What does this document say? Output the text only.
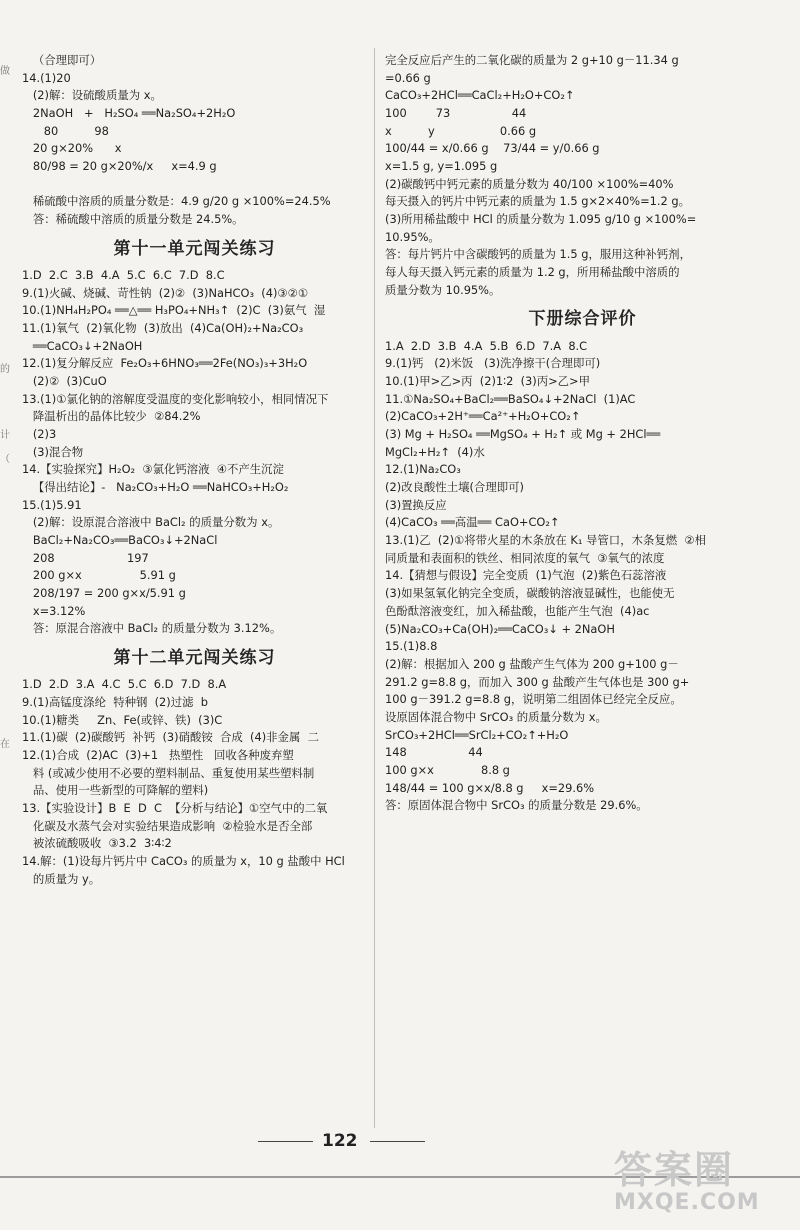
（合理即可）
14.(1)20
(2)解：设硫酸质量为 x。
2NaOH   +   H₂SO₄ ══Na₂SO₄+2H₂O
80          98
20 g×20%      x
80/98 = 20 g×20%/x     x=4.9 g
稀硫酸中溶质的质量分数是：4.9 g/20 g ×100%=24.5%
答：稀硫酸中溶质的质量分数是 24.5%。
第十一单元闯关练习
1.D  2.C  3.B  4.A  5.C  6.C  7.D  8.C
9.(1)火碱、烧碱、苛性钠  (2)②  (3)NaHCO₃  (4)③②①
10.(1)NH₄H₂PO₄ ══△══ H₃PO₄+NH₃↑  (2)C  (3)氨气  湿
11.(1)氧气  (2)氧化物  (3)放出  (4)Ca(OH)₂+Na₂CO₃
══CaCO₃↓+2NaOH
12.(1)复分解反应  Fe₂O₃+6HNO₃══2Fe(NO₃)₃+3H₂O
(2)②  (3)CuO
13.(1)①氯化钠的溶解度受温度的变化影响较小，相同情况下
降温析出的晶体比较少  ②84.2%
(2)3
(3)混合物
14.【实验探究】H₂O₂  ③氯化钙溶液  ④不产生沉淀
【得出结论】-   Na₂CO₃+H₂O ══NaHCO₃+H₂O₂
15.(1)5.91
(2)解：设原混合溶液中 BaCl₂ 的质量分数为 x。
BaCl₂+Na₂CO₃══BaCO₃↓+2NaCl
208                    197
200 g×x                5.91 g
208/197 = 200 g×x/5.91 g
x=3.12%
答：原混合溶液中 BaCl₂ 的质量分数为 3.12%。
第十二单元闯关练习
1.D  2.D  3.A  4.C  5.C  6.D  7.D  8.A
9.(1)高锰度涤纶  特种钢  (2)过滤  b
10.(1)糖类     Zn、Fe(或锌、铁)  (3)C
11.(1)碳  (2)碳酸钙  补钙  (3)硝酸铵  合成  (4)非金属  二
12.(1)合成  (2)AC  (3)+1   热塑性   回收各种废弃塑
料 (或减少使用不必要的塑料制品、重复使用某些塑料制
品、使用一些新型的可降解的塑料)
13.【实验设计】B  E  D  C  【分析与结论】①空气中的二氧
化碳及水蒸气会对实验结果造成影响  ②检验水是否全部
被浓硫酸吸收  ③3.2  3∶4∶2
14.解：(1)设每片钙片中 CaCO₃ 的质量为 x，10 g 盐酸中 HCl
的质量为 y。
完全反应后产生的二氧化碳的质量为 2 g+10 g－11.34 g
=0.66 g
CaCO₃+2HCl══CaCl₂+H₂O+CO₂↑
100        73                 44
x          y                  0.66 g
100/44 = x/0.66 g    73/44 = y/0.66 g
x=1.5 g, y=1.095 g
(2)碳酸钙中钙元素的质量分数为 40/100 ×100%=40%
每天摄入的钙片中钙元素的质量为 1.5 g×2×40%=1.2 g。
(3)所用稀盐酸中 HCl 的质量分数为 1.095 g/10 g ×100%=
10.95%。
答：每片钙片中含碳酸钙的质量为 1.5 g，服用这种补钙剂，
每人每天摄入钙元素的质量为 1.2 g，所用稀盐酸中溶质的
质量分数为 10.95%。
下册综合评价
1.A  2.D  3.B  4.A  5.B  6.D  7.A  8.C
9.(1)钙   (2)米饭   (3)洗净擦干(合理即可)
10.(1)甲>乙>丙  (2)1∶2  (3)丙>乙>甲
11.①Na₂SO₄+BaCl₂══BaSO₄↓+2NaCl  (1)AC
(2)CaCO₃+2H⁺══Ca²⁺+H₂O+CO₂↑
(3) Mg + H₂SO₄ ══MgSO₄ + H₂↑ 或 Mg + 2HCl══
MgCl₂+H₂↑  (4)水
12.(1)Na₂CO₃
(2)改良酸性土壤(合理即可)
(3)置换反应
(4)CaCO₃ ══高温══ CaO+CO₂↑
13.(1)乙  (2)①将带火星的木条放在 K₁ 导管口，木条复燃  ②相
同质量和表面积的铁丝、相同浓度的氧气  ③氧气的浓度
14.【猜想与假设】完全变质  (1)气泡  (2)紫色石蕊溶液
(3)如果氢氧化钠完全变质，碳酸钠溶液显碱性，也能使无
色酚酞溶液变红，加入稀盐酸，也能产生气泡  (4)ac
(5)Na₂CO₃+Ca(OH)₂══CaCO₃↓ + 2NaOH
15.(1)8.8
(2)解：根据加入 200 g 盐酸产生气体为 200 g+100 g－
291.2 g=8.8 g，而加入 300 g 盐酸产生气体也是 300 g+
100 g－391.2 g=8.8 g，说明第二组固体已经完全反应。
设原固体混合物中 SrCO₃ 的质量分数为 x。
SrCO₃+2HCl══SrCl₂+CO₂↑+H₂O
148                 44
100 g×x             8.8 g
148/44 = 100 g×x/8.8 g     x=29.6%
答：原固体混合物中 SrCO₃ 的质量分数是 29.6%。
做
的
计
（
在
122
答案圈
MXQE.COM
